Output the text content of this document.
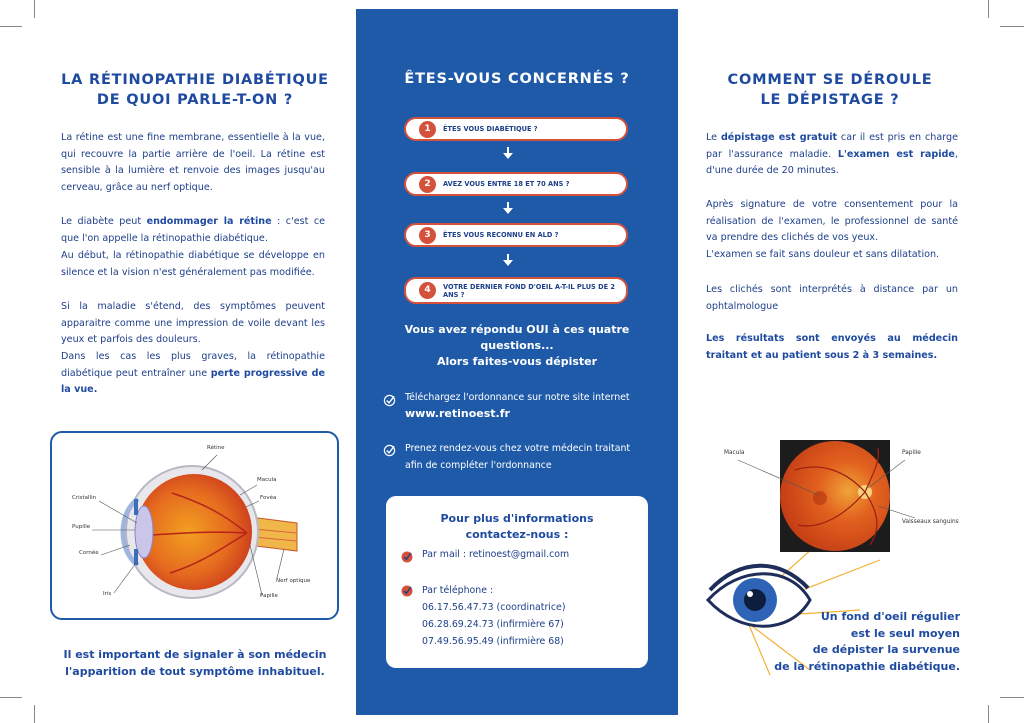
LA RÉTINOPATHIE DIABÉTIQUE
DE QUOI PARLE-T-ON ?
La rétine est une fine membrane, essentielle à la vue, qui recouvre la partie arrière de l'oeil. La rétine est sensible à la lumière et renvoie des images jusqu'au cerveau, grâce au nerf optique.
Le diabète peut endommager la rétine : c'est ce que l'on appelle la rétinopathie diabétique.
Au début, la rétinopathie diabétique se développe en silence et la vision n'est généralement pas modifiée.
Si la maladie s'étend, des symptômes peuvent apparaitre comme une impression de voile devant les yeux et parfois des douleurs.
Dans les cas les plus graves, la rétinopathie diabétique peut entraîner une perte progressive de la vue.
Rétine
Macula
Fovéa
Cristallin
Pupille
Cornée
Iris
Nerf optique
Papille
Il est important de signaler à son médecin
l'apparition de tout symptôme inhabituel.
ÊTES-VOUS CONCERNÉS ?
1	ÊTES VOUS DIABÉTIQUE ?
2	AVEZ VOUS ENTRE 18 ET 70 ANS ?
3	ÊTES VOUS RECONNU EN ALD ?
4	VOTRE DERNIER FOND D'OEIL A-T-IL PLUS DE 2 ANS ?
Vous avez répondu OUI à ces quatre
questions...
Alors faites-vous dépister
Téléchargez l'ordonnance sur notre site internet
www.retinoest.fr
Prenez rendez-vous chez votre médecin traitant
afin de compléter l'ordonnance
Pour plus d'informations
contactez-nous :
Par mail : retinoest@gmail.com
Par téléphone :
06.17.56.47.73 (coordinatrice)
06.28.69.24.73 (infirmière 67)
07.49.56.95.49 (infirmière 68)
COMMENT SE DÉROULE
LE DÉPISTAGE ?
Le dépistage est gratuit car il est pris en charge par l'assurance maladie. L'examen est rapide, d'une durée de 20 minutes.
Après signature de votre consentement pour la réalisation de l'examen, le professionnel de santé va prendre des clichés de vos yeux.
L'examen se fait sans douleur et sans dilatation.
Les clichés sont interprétés à distance par un ophtalmologue
Les résultats sont envoyés au médecin traitant et au patient sous 2 à 3 semaines.
Macula	Papille
Vaisseaux sanguins
Un fond d'oeil régulier
est le seul moyen
de dépister la survenue
de la rétinopathie diabétique.
